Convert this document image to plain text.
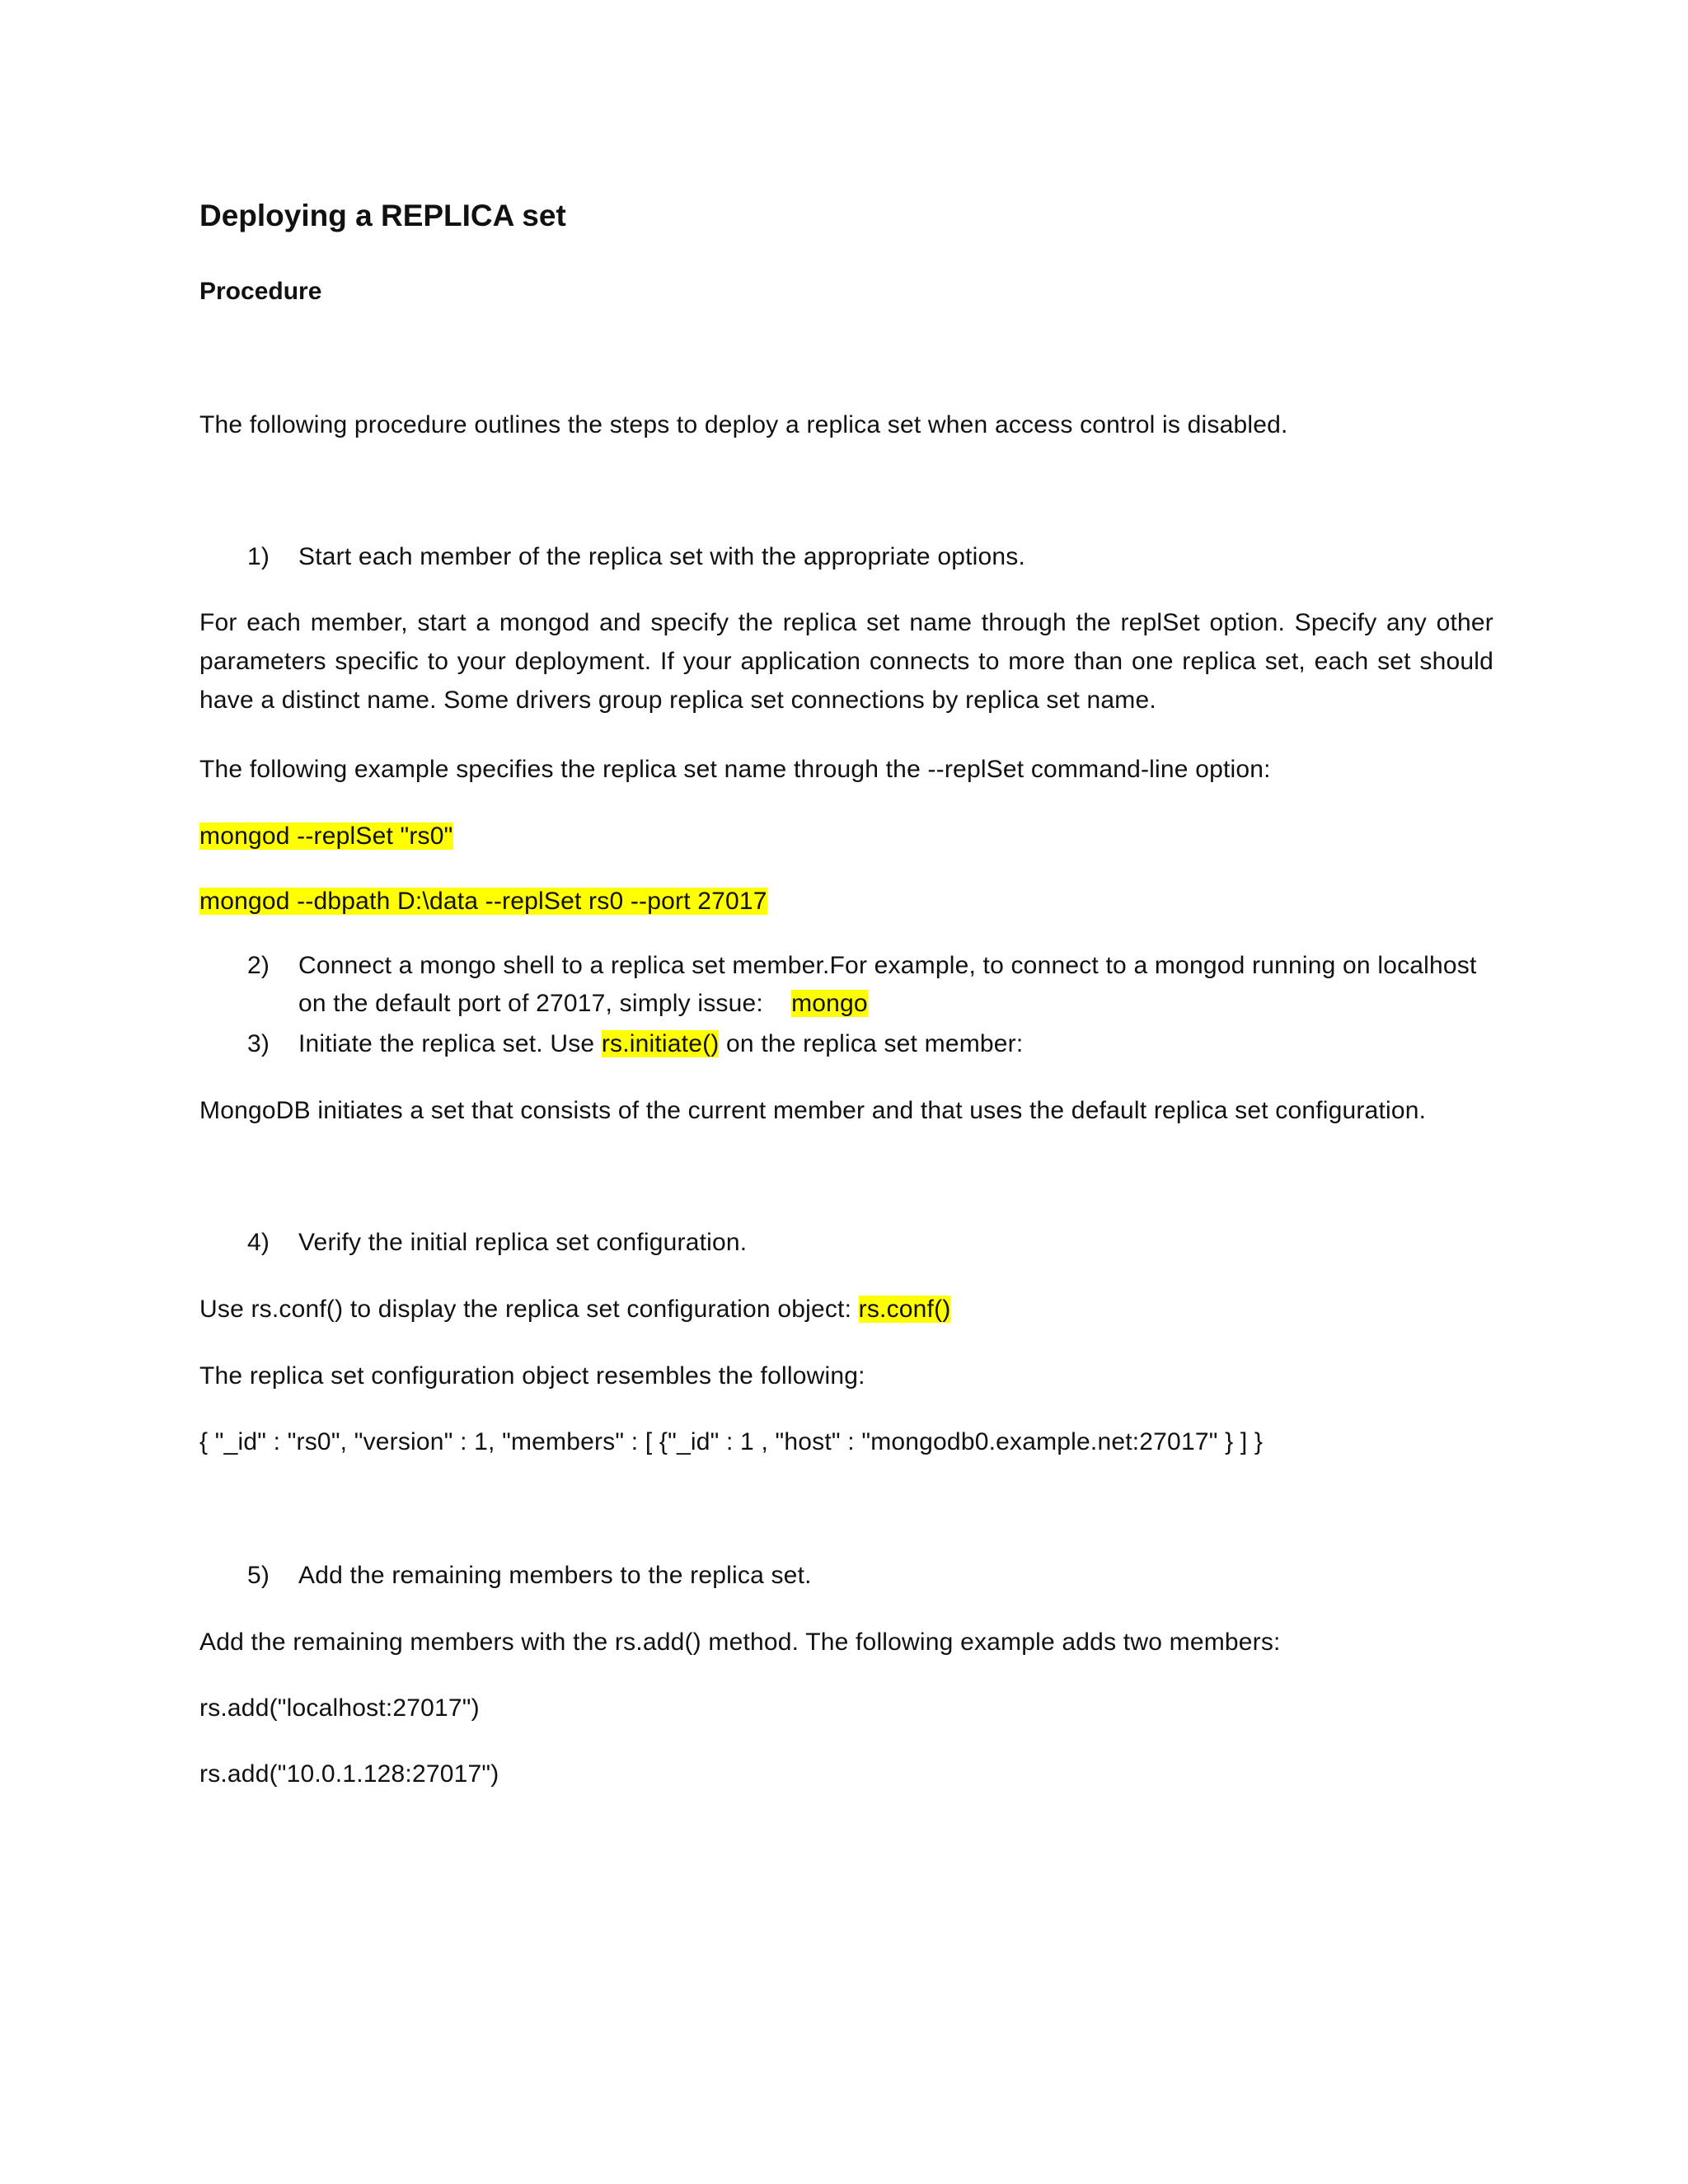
Deploying a REPLICA set
Procedure
The following procedure outlines the steps to deploy a replica set when access control is disabled.
1) Start each member of the replica set with the appropriate options.
For each member, start a mongod and specify the replica set name through the replSet option. Specify any other parameters specific to your deployment. If your application connects to more than one replica set, each set should have a distinct name. Some drivers group replica set connections by replica set name.
The following example specifies the replica set name through the --replSet command-line option:
mongod --replSet "rs0"
mongod --dbpath D:\data --replSet rs0 --port 27017
2) Connect a mongo shell to a replica set member.For example, to connect to a mongod running on localhost
on the default port of 27017, simply issue: mongo
3) Initiate the replica set. Use rs.initiate() on the replica set member:
MongoDB initiates a set that consists of the current member and that uses the default replica set configuration.
4) Verify the initial replica set configuration.
Use rs.conf() to display the replica set configuration object: rs.conf()
The replica set configuration object resembles the following:
{ "_id" : "rs0", "version" : 1, "members" : [ {"_id" : 1 , "host" : "mongodb0.example.net:27017" } ] }
5) Add the remaining members to the replica set.
Add the remaining members with the rs.add() method. The following example adds two members:
rs.add("localhost:27017")
rs.add("10.0.1.128:27017")
